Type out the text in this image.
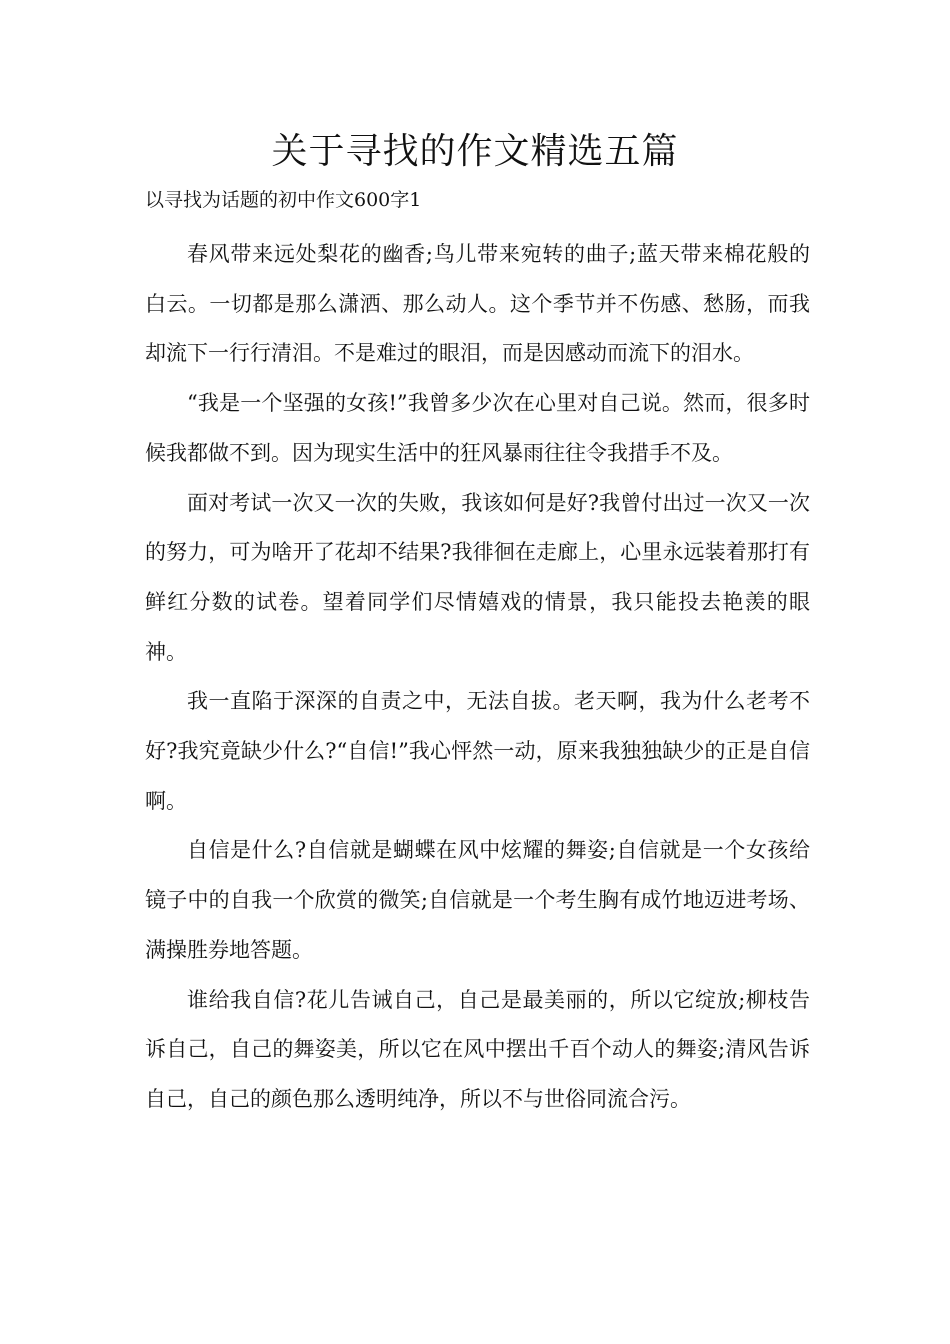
关于寻找的作文精选五篇

以寻找为话题的初中作文600字1

春风带来远处梨花的幽香;鸟儿带来宛转的曲子;蓝天带来棉花般的白云。一切都是那么潇洒、那么动人。这个季节并不伤感、愁肠，而我却流下一行行清泪。不是难过的眼泪，而是因感动而流下的泪水。

“我是一个坚强的女孩!”我曾多少次在心里对自己说。然而，很多时候我都做不到。因为现实生活中的狂风暴雨往往令我措手不及。

面对考试一次又一次的失败，我该如何是好?我曾付出过一次又一次的努力，可为啥开了花却不结果?我徘徊在走廊上，心里永远装着那打有鲜红分数的试卷。望着同学们尽情嬉戏的情景，我只能投去艳羡的眼神。

我一直陷于深深的自责之中，无法自拔。老天啊，我为什么老考不好?我究竟缺少什么?“自信!”我心怦然一动，原来我独独缺少的正是自信啊。

自信是什么?自信就是蝴蝶在风中炫耀的舞姿;自信就是一个女孩给镜子中的自我一个欣赏的微笑;自信就是一个考生胸有成竹地迈进考场、满操胜券地答题。

谁给我自信?花儿告诫自己，自己是最美丽的，所以它绽放;柳枝告诉自己，自己的舞姿美，所以它在风中摆出千百个动人的舞姿;清风告诉自己，自己的颜色那么透明纯净，所以不与世俗同流合污。
